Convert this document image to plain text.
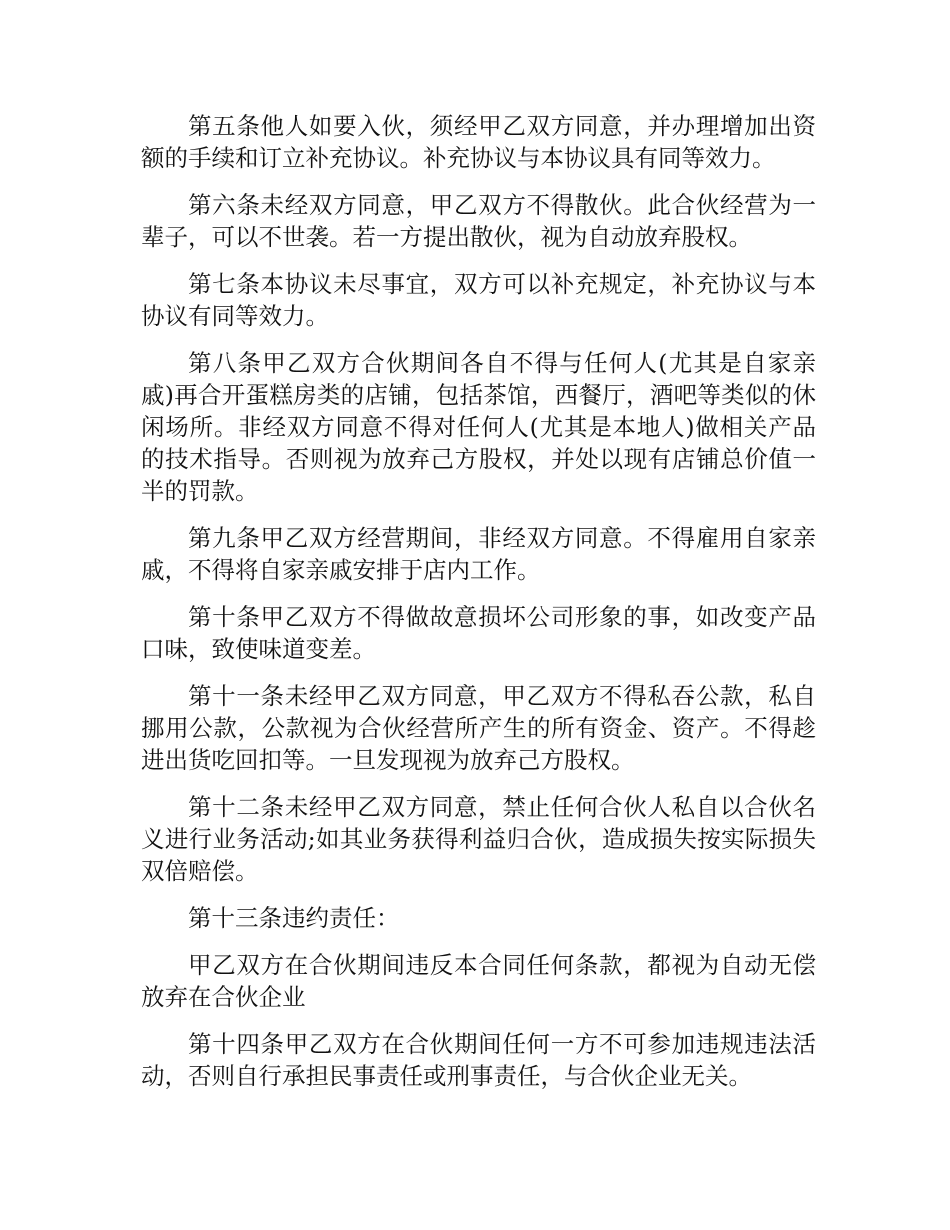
第五条他人如要入伙，须经甲乙双方同意，并办理增加出资额的手续和订立补充协议。补充协议与本协议具有同等效力。

第六条未经双方同意，甲乙双方不得散伙。此合伙经营为一辈子，可以不世袭。若一方提出散伙，视为自动放弃股权。

第七条本协议未尽事宜，双方可以补充规定，补充协议与本协议有同等效力。

第八条甲乙双方合伙期间各自不得与任何人(尤其是自家亲戚)再合开蛋糕房类的店铺，包括茶馆，西餐厅，酒吧等类似的休闲场所。非经双方同意不得对任何人(尤其是本地人)做相关产品的技术指导。否则视为放弃己方股权，并处以现有店铺总价值一半的罚款。

第九条甲乙双方经营期间，非经双方同意。不得雇用自家亲戚，不得将自家亲戚安排于店内工作。

第十条甲乙双方不得做故意损坏公司形象的事，如改变产品口味，致使味道变差。

第十一条未经甲乙双方同意，甲乙双方不得私吞公款，私自挪用公款，公款视为合伙经营所产生的所有资金、资产。不得趁进出货吃回扣等。一旦发现视为放弃己方股权。

第十二条未经甲乙双方同意，禁止任何合伙人私自以合伙名义进行业务活动;如其业务获得利益归合伙，造成损失按实际损失双倍赔偿。

第十三条违约责任：

甲乙双方在合伙期间违反本合同任何条款，都视为自动无偿放弃在合伙企业

第十四条甲乙双方在合伙期间任何一方不可参加违规违法活动，否则自行承担民事责任或刑事责任，与合伙企业无关。
